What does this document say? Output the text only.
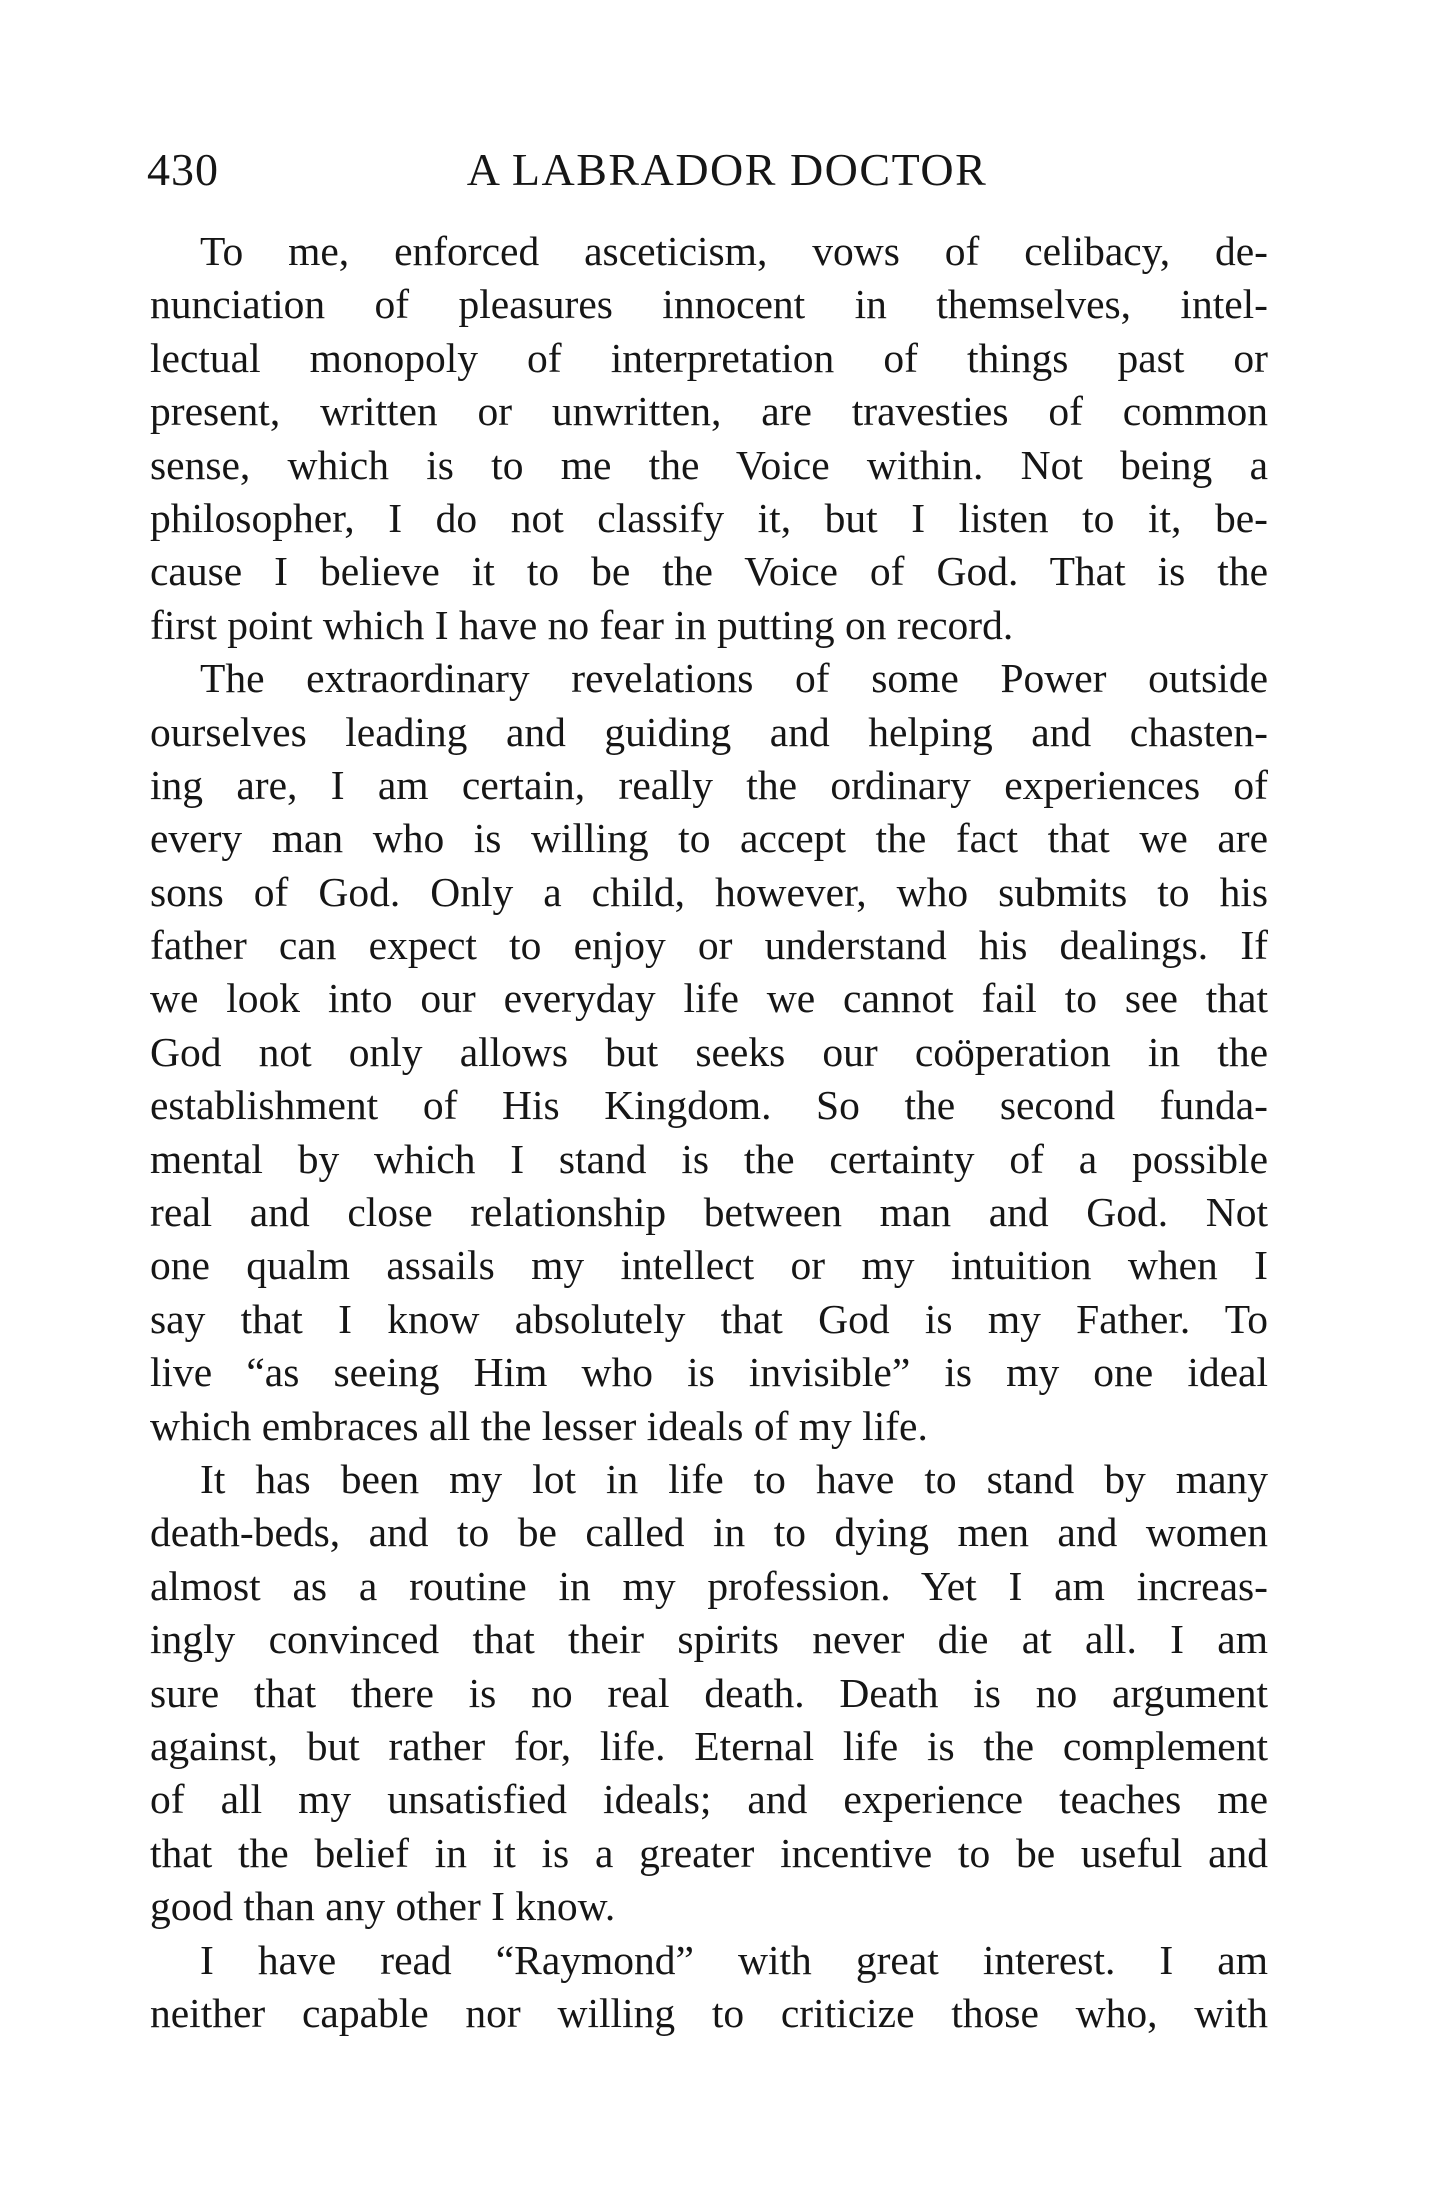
430	A LABRADOR DOCTOR
To me, enforced asceticism, vows of celibacy, de-
nunciation of pleasures innocent in themselves, intel-
lectual monopoly of interpretation of things past or
present, written or unwritten, are travesties of common
sense, which is to me the Voice within. Not being a
philosopher, I do not classify it, but I listen to it, be-
cause I believe it to be the Voice of God. That is the
first point which I have no fear in putting on record.
The extraordinary revelations of some Power outside
ourselves leading and guiding and helping and chasten-
ing are, I am certain, really the ordinary experiences of
every man who is willing to accept the fact that we are
sons of God. Only a child, however, who submits to his
father can expect to enjoy or understand his dealings. If
we look into our everyday life we cannot fail to see that
God not only allows but seeks our coöperation in the
establishment of His Kingdom. So the second funda-
mental by which I stand is the certainty of a possible
real and close relationship between man and God. Not
one qualm assails my intellect or my intuition when I
say that I know absolutely that God is my Father. To
live “as seeing Him who is invisible” is my one ideal
which embraces all the lesser ideals of my life.
It has been my lot in life to have to stand by many
death-beds, and to be called in to dying men and women
almost as a routine in my profession. Yet I am increas-
ingly convinced that their spirits never die at all. I am
sure that there is no real death. Death is no argument
against, but rather for, life. Eternal life is the complement
of all my unsatisfied ideals; and experience teaches me
that the belief in it is a greater incentive to be useful and
good than any other I know.
I have read “Raymond” with great interest. I am
neither capable nor willing to criticize those who, with
